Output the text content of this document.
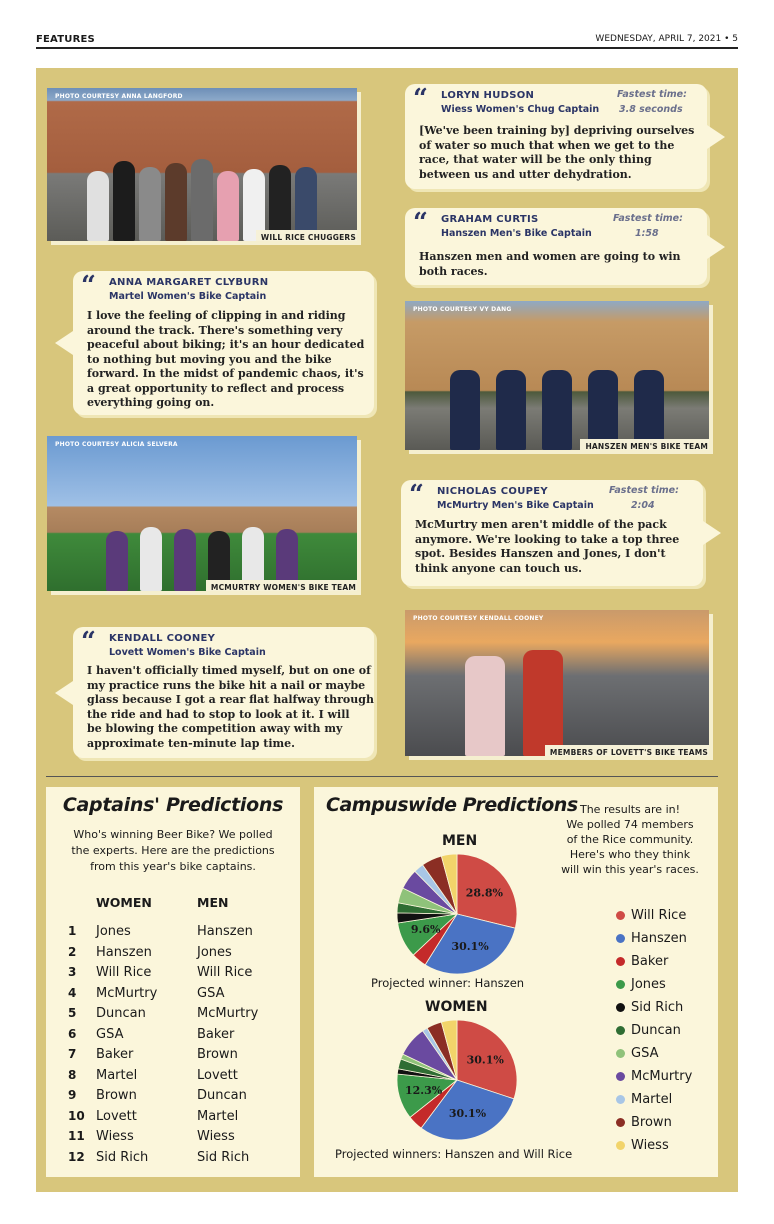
FEATURES	WEDNESDAY, APRIL 7, 2021 • 5
PHOTO COURTESY ANNA LANGFORD
WILL RICE CHUGGERS
PHOTO COURTESY VY DANG
HANSZEN MEN'S BIKE TEAM
PHOTO COURTESY ALICIA SELVERA
MCMURTRY WOMEN'S BIKE TEAM
PHOTO COURTESY KENDALL COONEY
MEMBERS OF LOVETT'S BIKE TEAMS
“ LORYN HUDSON
Wiess Women's Chug Captain
Fastest time:
3.8 seconds
[We've been training by] depriving ourselves
of water so much that when we get to the
race, that water will be the only thing
between us and utter dehydration.
“ GRAHAM CURTIS
Hanszen Men's Bike Captain
Fastest time:
1:58
Hanszen men and women are going to win
both races.
“ ANNA MARGARET CLYBURN
Martel Women's Bike Captain
I love the feeling of clipping in and riding
around the track. There's something very
peaceful about biking; it's an hour dedicated
to nothing but moving you and the bike
forward. In the midst of pandemic chaos, it's
a great opportunity to reflect and process
everything going on.
“ NICHOLAS COUPEY
McMurtry Men's Bike Captain
Fastest time:
2:04
McMurtry men aren't middle of the pack
anymore. We're looking to take a top three
spot. Besides Hanszen and Jones, I don't
think anyone can touch us.
“ KENDALL COONEY
Lovett Women's Bike Captain
I haven't officially timed myself, but on one of
my practice runs the bike hit a nail or maybe
glass because I got a rear flat halfway through
the ride and had to stop to look at it. I will
be blowing the competition away with my
approximate ten-minute lap time.
Captains' Predictions
Who's winning Beer Bike? We polled
the experts. Here are the predictions
from this year's bike captains.
WOMEN	MEN
1	Jones	Hanszen
2	Hanszen	Jones
3	Will Rice	Will Rice
4	McMurtry	GSA
5	Duncan	McMurtry
6	GSA	Baker
7	Baker	Brown
8	Martel	Lovett
9	Brown	Duncan
10 Lovett	Martel
11 Wiess	Wiess
12 Sid Rich	Sid Rich
Campuswide Predictions The results are in!
We polled 74 members
of the Rice community.
Here's who they think
will win this year's races.
MEN
28.8%
30.1%
9.6%
Projected winner: Hanszen
WOMEN
30.1%
30.1%
12.3%
Projected winners: Hanszen and Will Rice
Will Rice
Hanszen
Baker
Jones
Sid Rich
Duncan
GSA
McMurtry
Martel
Brown
Wiess
